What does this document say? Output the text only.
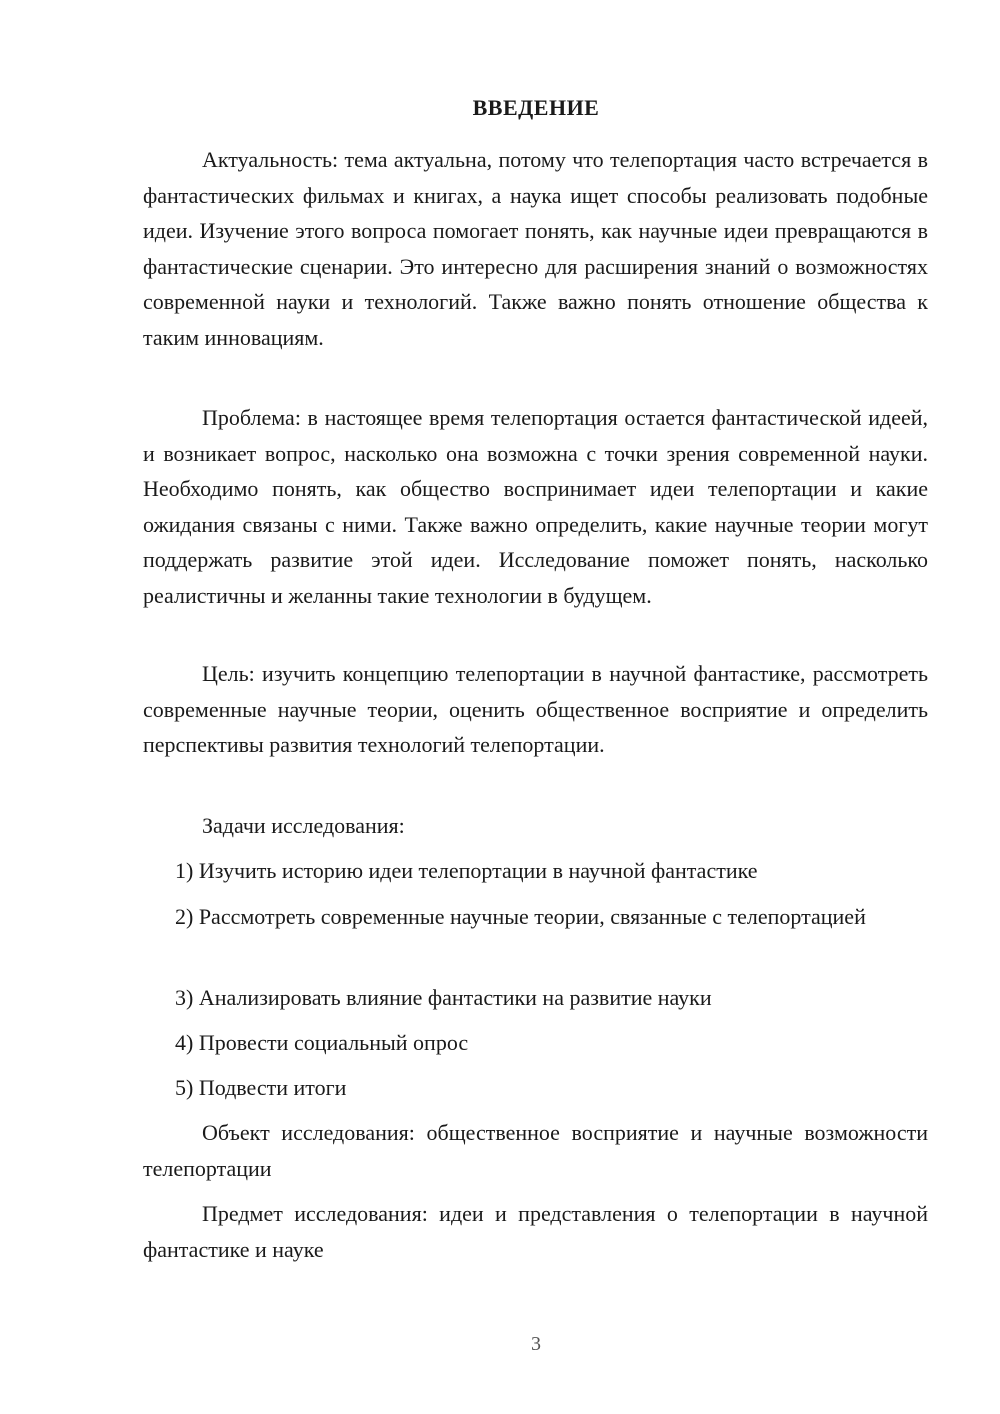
ВВЕДЕНИЕ

Актуальность: тема актуальна, потому что телепортация часто встречается в фантастических фильмах и книгах, а наука ищет способы реализовать подобные идеи. Изучение этого вопроса помогает понять, как научные идеи превращаются в фантастические сценарии. Это интересно для расширения знаний о возможностях современной науки и технологий. Также важно понять отношение общества к таким инновациям.

Проблема: в настоящее время телепортация остается фантастической идеей, и возникает вопрос, насколько она возможна с точки зрения современной науки. Необходимо понять, как общество воспринимает идеи телепортации и какие ожидания связаны с ними. Также важно определить, какие научные теории могут поддержать развитие этой идеи. Исследование поможет понять, насколько реалистичны и желанны такие технологии в будущем.

Цель: изучить концепцию телепортации в научной фантастике, рассмотреть современные научные теории, оценить общественное восприятие и определить перспективы развития технологий телепортации.

Задачи исследования:

1) Изучить историю идеи телепортации в научной фантастике

2) Рассмотреть современные научные теории, связанные с телепортацией

3) Анализировать влияние фантастики на развитие науки

4) Провести социальный опрос

5) Подвести итоги

Объект исследования: общественное восприятие и научные возможности телепортации

Предмет исследования: идеи и представления о телепортации в научной фантастике и науке

3
